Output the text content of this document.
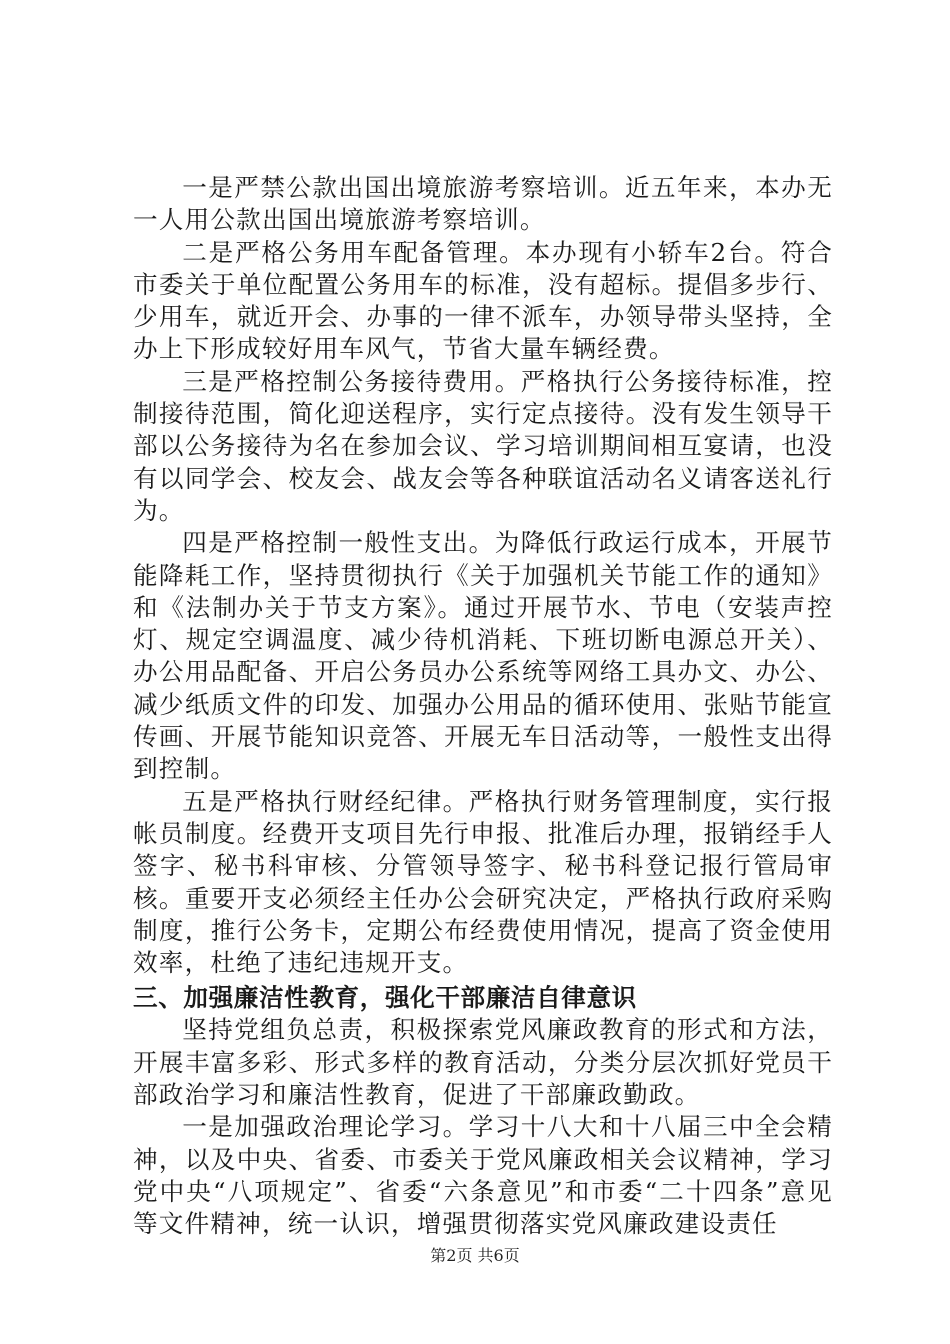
一是严禁公款出国出境旅游考察培训。近五年来，本办无一人用公款出国出境旅游考察培训。

二是严格公务用车配备管理。本办现有小轿车2台。符合市委关于单位配置公务用车的标准，没有超标。提倡多步行、少用车，就近开会、办事的一律不派车，办领导带头坚持，全办上下形成较好用车风气，节省大量车辆经费。

三是严格控制公务接待费用。严格执行公务接待标准，控制接待范围，简化迎送程序，实行定点接待。没有发生领导干部以公务接待为名在参加会议、学习培训期间相互宴请，也没有以同学会、校友会、战友会等各种联谊活动名义请客送礼行为。

四是严格控制一般性支出。为降低行政运行成本，开展节能降耗工作，坚持贯彻执行《关于加强机关节能工作的通知》和《法制办关于节支方案》。通过开展节水、节电（安装声控灯、规定空调温度、减少待机消耗、下班切断电源总开关）、办公用品配备、开启公务员办公系统等网络工具办文、办公、减少纸质文件的印发、加强办公用品的循环使用、张贴节能宣传画、开展节能知识竞答、开展无车日活动等，一般性支出得到控制。

五是严格执行财经纪律。严格执行财务管理制度，实行报帐员制度。经费开支项目先行申报、批准后办理，报销经手人签字、秘书科审核、分管领导签字、秘书科登记报行管局审核。重要开支必须经主任办公会研究决定，严格执行政府采购制度，推行公务卡，定期公布经费使用情况，提高了资金使用效率，杜绝了违纪违规开支。

三、加强廉洁性教育，强化干部廉洁自律意识

坚持党组负总责，积极探索党风廉政教育的形式和方法，开展丰富多彩、形式多样的教育活动，分类分层次抓好党员干部政治学习和廉洁性教育，促进了干部廉政勤政。

一是加强政治理论学习。学习十八大和十八届三中全会精神，以及中央、省委、市委关于党风廉政相关会议精神，学习党中央“八项规定”、省委“六条意见”和市委“二十四条”意见等文件精神，统一认识，增强贯彻落实党风廉政建设责任

第2页 共6页
